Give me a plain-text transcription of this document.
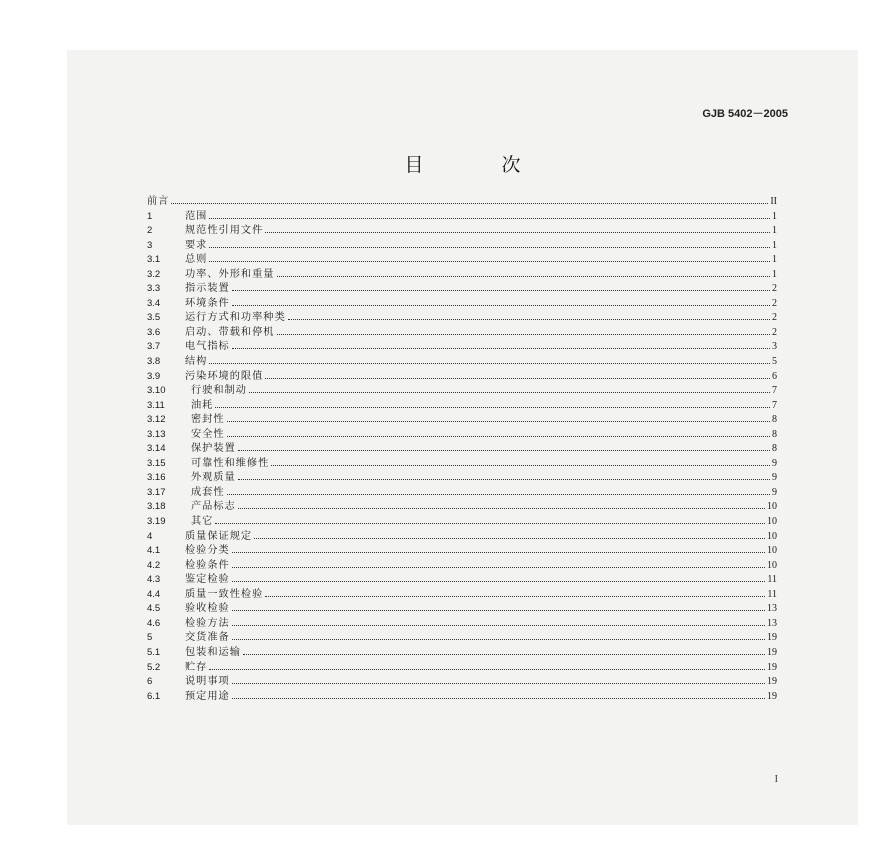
GJB 5402－2005
目 次
前言	II
1	范围	1
2	规范性引用文件	1
3	要求	1
3.1	总则	1
3.2	功率、外形和重量	1
3.3	指示装置	2
3.4	环境条件	2
3.5	运行方式和功率种类	2
3.6	启动、带载和停机	2
3.7	电气指标	3
3.8	结构	5
3.9	污染环境的限值	6
3.10	行驶和制动	7
3.11	油耗	7
3.12	密封性	8
3.13	安全性	8
3.14	保护装置	8
3.15	可靠性和维修性	9
3.16	外观质量	9
3.17	成套性	9
3.18	产品标志	10
3.19	其它	10
4	质量保证规定	10
4.1	检验分类	10
4.2	检验条件	10
4.3	鉴定检验	11
4.4	质量一致性检验	11
4.5	验收检验	13
4.6	检验方法	13
5	交货准备	19
5.1	包装和运输	19
5.2	贮存	19
6	说明事项	19
6.1	预定用途	19
I
